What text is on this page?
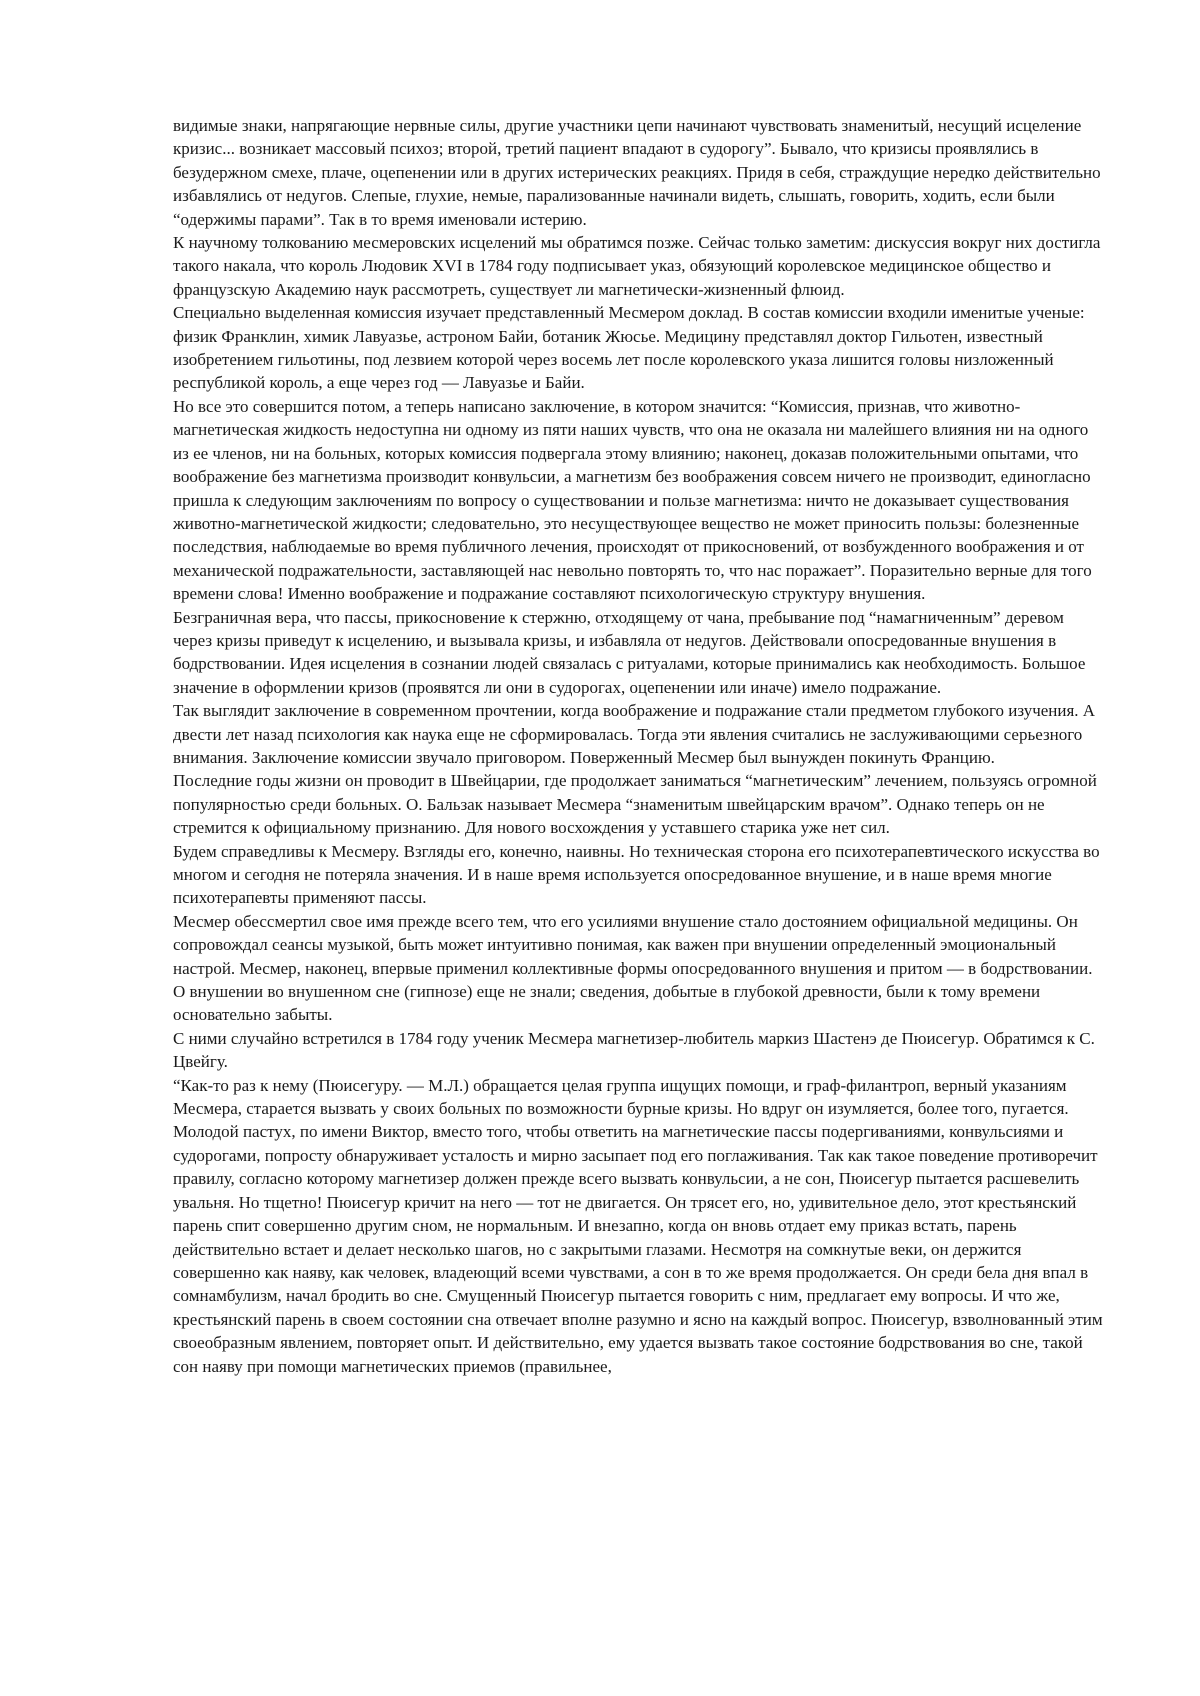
видимые знаки, напрягающие нервные силы, другие участники цепи начинают чувствовать знаменитый, несущий исцеление кризис... возникает массовый психоз; второй, третий пациент впадают в судорогу”. Бывало, что кризисы проявлялись в безудержном смехе, плаче, оцепенении или в других истерических реакциях. Придя в себя, страждущие нередко действительно избавлялись от недугов. Слепые, глухие, немые, парализованные начинали видеть, слышать, говорить, ходить, если были “одержимы парами”. Так в то время именовали истерию.

К научному толкованию месмеровских исцелений мы обратимся позже. Сейчас только заметим: дискуссия вокруг них достигла такого накала, что король Людовик XVI в 1784 году подписывает указ, обязующий королевское медицинское общество и французскую Академию наук рассмотреть, существует ли магнетически-жизненный флюид.

Специально выделенная комиссия изучает представленный Месмером доклад. В состав комиссии входили именитые ученые: физик Франклин, химик Лавуазье, астроном Байи, ботаник Жюсье. Медицину представлял доктор Гильотен, известный изобретением гильотины, под лезвием которой через восемь лет после королевского указа лишится головы низложенный республикой король, а еще через год — Лавуазье и Байи.

Но все это совершится потом, а теперь написано заключение, в котором значится: “Комиссия, признав, что животно-магнетическая жидкость недоступна ни одному из пяти наших чувств, что она не оказала ни малейшего влияния ни на одного из ее членов, ни на больных, которых комиссия подвергала этому влиянию; наконец, доказав положительными опытами, что воображение без магнетизма производит конвульсии, а магнетизм без воображения совсем ничего не производит, единогласно пришла к следующим заключениям по вопросу о существовании и пользе магнетизма: ничто не доказывает существования животно-магнетической жидкости; следовательно, это несуществующее вещество не может приносить пользы: болезненные последствия, наблюдаемые во время публичного лечения, происходят от прикосновений, от возбужденного воображения и от механической подражательности, заставляющей нас невольно повторять то, что нас поражает”. Поразительно верные для того времени слова! Именно воображение и подражание составляют психологическую структуру внушения.

Безграничная вера, что пассы, прикосновение к стержню, отходящему от чана, пребывание под “намагниченным” деревом через кризы приведут к исцелению, и вызывала кризы, и избавляла от недугов. Действовали опосредованные внушения в бодрствовании. Идея исцеления в сознании людей связалась с ритуалами, которые принимались как необходимость. Большое значение в оформлении кризов (проявятся ли они в судорогах, оцепенении или иначе) имело подражание.

Так выглядит заключение в современном прочтении, когда воображение и подражание стали предметом глубокого изучения. А двести лет назад психология как наука еще не сформировалась. Тогда эти явления считались не заслуживающими серьезного внимания. Заключение комиссии звучало приговором. Поверженный Месмер был вынужден покинуть Францию.

Последние годы жизни он проводит в Швейцарии, где продолжает заниматься “магнетическим” лечением, пользуясь огромной популярностью среди больных. О. Бальзак называет Месмера “знаменитым швейцарским врачом”. Однако теперь он не стремится к официальному признанию. Для нового восхождения у уставшего старика уже нет сил.

Будем справедливы к Месмеру. Взгляды его, конечно, наивны. Но техническая сторона его психотерапевтического искусства во многом и сегодня не потеряла значения. И в наше время используется опосредованное внушение, и в наше время многие психотерапевты применяют пассы.

Месмер обессмертил свое имя прежде всего тем, что его усилиями внушение стало достоянием официальной медицины. Он сопровождал сеансы музыкой, быть может интуитивно понимая, как важен при внушении определенный эмоциональный настрой. Месмер, наконец, впервые применил коллективные формы опосредованного внушения и притом — в бодрствовании.

О внушении во внушенном сне (гипнозе) еще не знали; сведения, добытые в глубокой древности, были к тому времени основательно забыты.

С ними случайно встретился в 1784 году ученик Месмера магнетизер-любитель маркиз Шастенэ де Пюисегур. Обратимся к С. Цвейгу.

“Как-то раз к нему (Пюисегуру. — М.Л.) обращается целая группа ищущих помощи, и граф-филантроп, верный указаниям Месмера, старается вызвать у своих больных по возможности бурные кризы. Но вдруг он изумляется, более того, пугается. Молодой пастух, по имени Виктор, вместо того, чтобы ответить на магнетические пассы подергиваниями, конвульсиями и судорогами, попросту обнаруживает усталость и мирно засыпает под его поглаживания. Так как такое поведение противоречит правилу, согласно которому магнетизер должен прежде всего вызвать конвульсии, а не сон, Пюисегур пытается расшевелить увальня. Но тщетно! Пюисегур кричит на него — тот не двигается. Он трясет его, но, удивительное дело, этот крестьянский парень спит совершенно другим сном, не нормальным. И внезапно, когда он вновь отдает ему приказ встать, парень действительно встает и делает несколько шагов, но с закрытыми глазами. Несмотря на сомкнутые веки, он держится совершенно как наяву, как человек, владеющий всеми чувствами, а сон в то же время продолжается. Он среди бела дня впал в сомнамбулизм, начал бродить во сне. Смущенный Пюисегур пытается говорить с ним, предлагает ему вопросы. И что же, крестьянский парень в своем состоянии сна отвечает вполне разумно и ясно на каждый вопрос. Пюисегур, взволнованный этим своеобразным явлением, повторяет опыт. И действительно, ему удается вызвать такое состояние бодрствования во сне, такой сон наяву при помощи магнетических приемов (правильнее,
